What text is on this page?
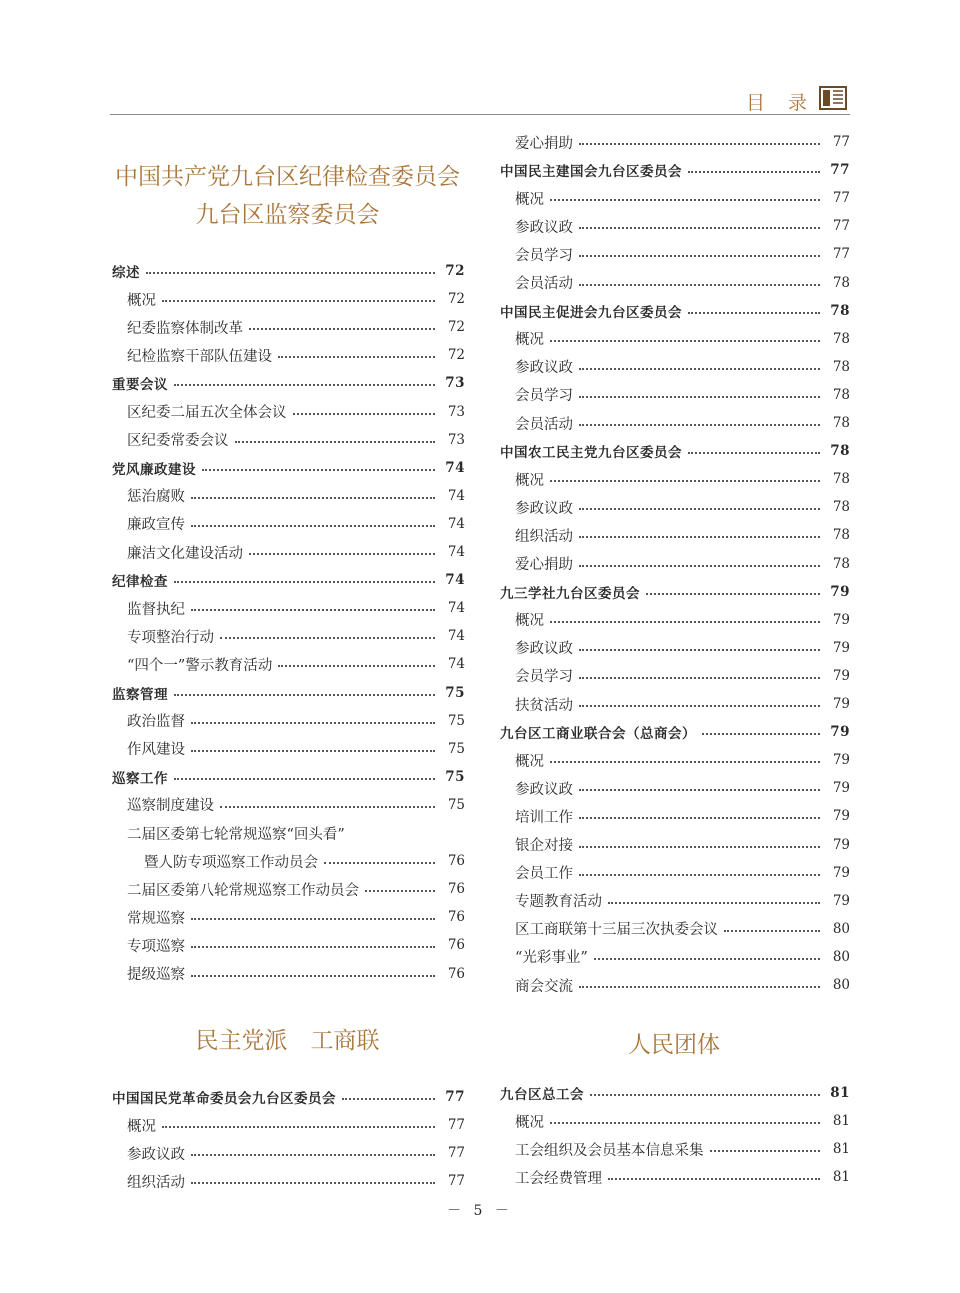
目　录
中国共产党九台区纪律检查委员会
九台区监察委员会
综述	72
概况	72
纪委监察体制改革	72
纪检监察干部队伍建设	72
重要会议	73
区纪委二届五次全体会议	73
区纪委常委会议	73
党风廉政建设	74
惩治腐败	74
廉政宣传	74
廉洁文化建设活动	74
纪律检查	74
监督执纪	74
专项整治行动	74
“四个一”警示教育活动	74
监察管理	75
政治监督	75
作风建设	75
巡察工作	75
巡察制度建设	75
二届区委第七轮常规巡察“回头看”
暨人防专项巡察工作动员会	76
二届区委第八轮常规巡察工作动员会	76
常规巡察	76
专项巡察	76
提级巡察	76
民主党派　工商联
中国国民党革命委员会九台区委员会	77
概况	77
参政议政	77
组织活动	77
爱心捐助	77
中国民主建国会九台区委员会	77
概况	77
参政议政	77
会员学习	77
会员活动	78
中国民主促进会九台区委员会	78
概况	78
参政议政	78
会员学习	78
会员活动	78
中国农工民主党九台区委员会	78
概况	78
参政议政	78
组织活动	78
爱心捐助	78
九三学社九台区委员会	79
概况	79
参政议政	79
会员学习	79
扶贫活动	79
九台区工商业联合会（总商会）	79
概况	79
参政议政	79
培训工作	79
银企对接	79
会员工作	79
专题教育活动	79
区工商联第十三届三次执委会议	80
“光彩事业”	80
商会交流	80
人民团体
九台区总工会	81
概况	81
工会组织及会员基本信息采集	81
工会经费管理	81
－ 5 －
